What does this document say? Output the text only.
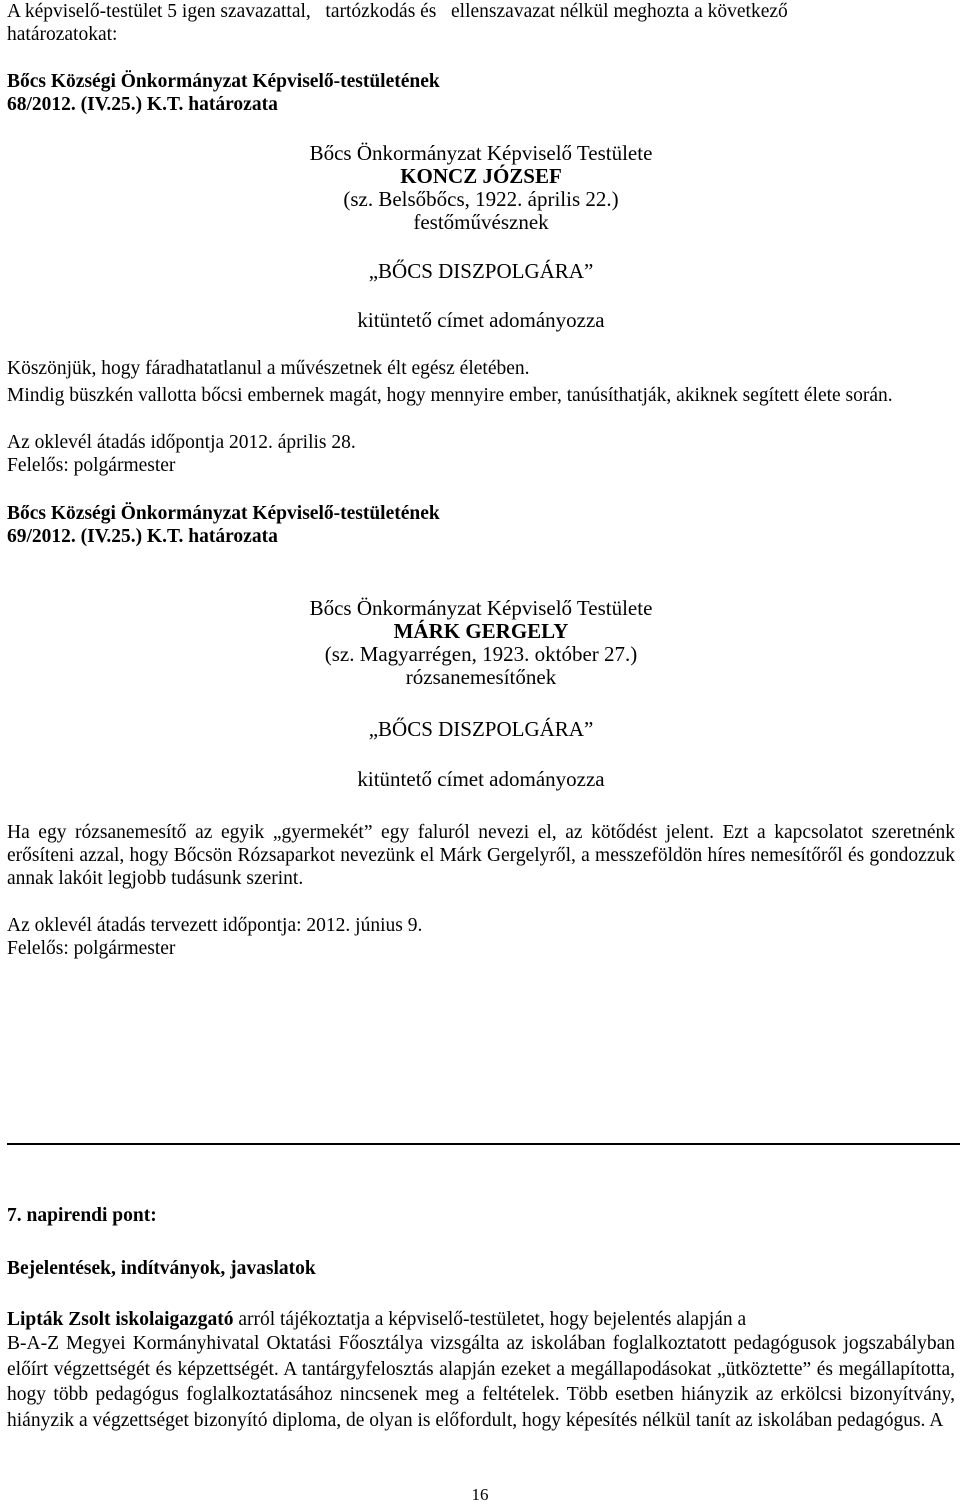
A képviselő-testület 5 igen szavazattal,   tartózkodás és   ellenszavazat nélkül meghozta a következő

határozatokat:

Bőcs Községi Önkormányzat Képviselő-testületének

68/2012. (IV.25.) K.T. határozata

Bőcs Önkormányzat Képviselő Testülete

KONCZ JÓZSEF

(sz. Belsőbőcs, 1922. április 22.)

festőművésznek

„BŐCS DISZPOLGÁRA”

kitüntető címet adományozza

Köszönjük, hogy fáradhatatlanul a művészetnek élt egész életében.

Mindig büszkén vallotta bőcsi embernek magát, hogy mennyire ember, tanúsíthatják, akiknek segített élete során.

Az oklevél átadás időpontja 2012. április 28.

Felelős: polgármester

Bőcs Községi Önkormányzat Képviselő-testületének

69/2012. (IV.25.) K.T. határozata

Bőcs Önkormányzat Képviselő Testülete

MÁRK GERGELY

(sz. Magyarrégen, 1923. október 27.)

rózsanemesítőnek

„BŐCS DISZPOLGÁRA”

kitüntető címet adományozza

Ha egy rózsanemesítő az egyik „gyermekét” egy faluról nevezi el, az kötődést jelent. Ezt a kapcsolatot szeretnénk erősíteni azzal, hogy Bőcsön Rózsaparkot nevezünk el Márk Gergelyről, a messzeföldön híres nemesítőről és gondozzuk annak lakóit legjobb tudásunk szerint.

Az oklevél átadás tervezett időpontja: 2012. június 9.

Felelős: polgármester

7. napirendi pont:

Bejelentések, indítványok, javaslatok

Lipták Zsolt iskolaigazgató arról tájékoztatja a képviselő-testületet, hogy bejelentés alapján a

B-A-Z Megyei Kormányhivatal Oktatási Főosztálya vizsgálta az iskolában foglalkoztatott pedagógusok jogszabályban előírt végzettségét és képzettségét. A tantárgyfelosztás alapján ezeket a megállapodásokat „ütköztette” és megállapította, hogy több pedagógus foglalkoztatásához nincsenek meg a feltételek. Több esetben hiányzik az erkölcsi bizonyítvány, hiányzik a végzettséget bizonyító diploma, de olyan is előfordult, hogy képesítés nélkül tanít az iskolában pedagógus. A

16
